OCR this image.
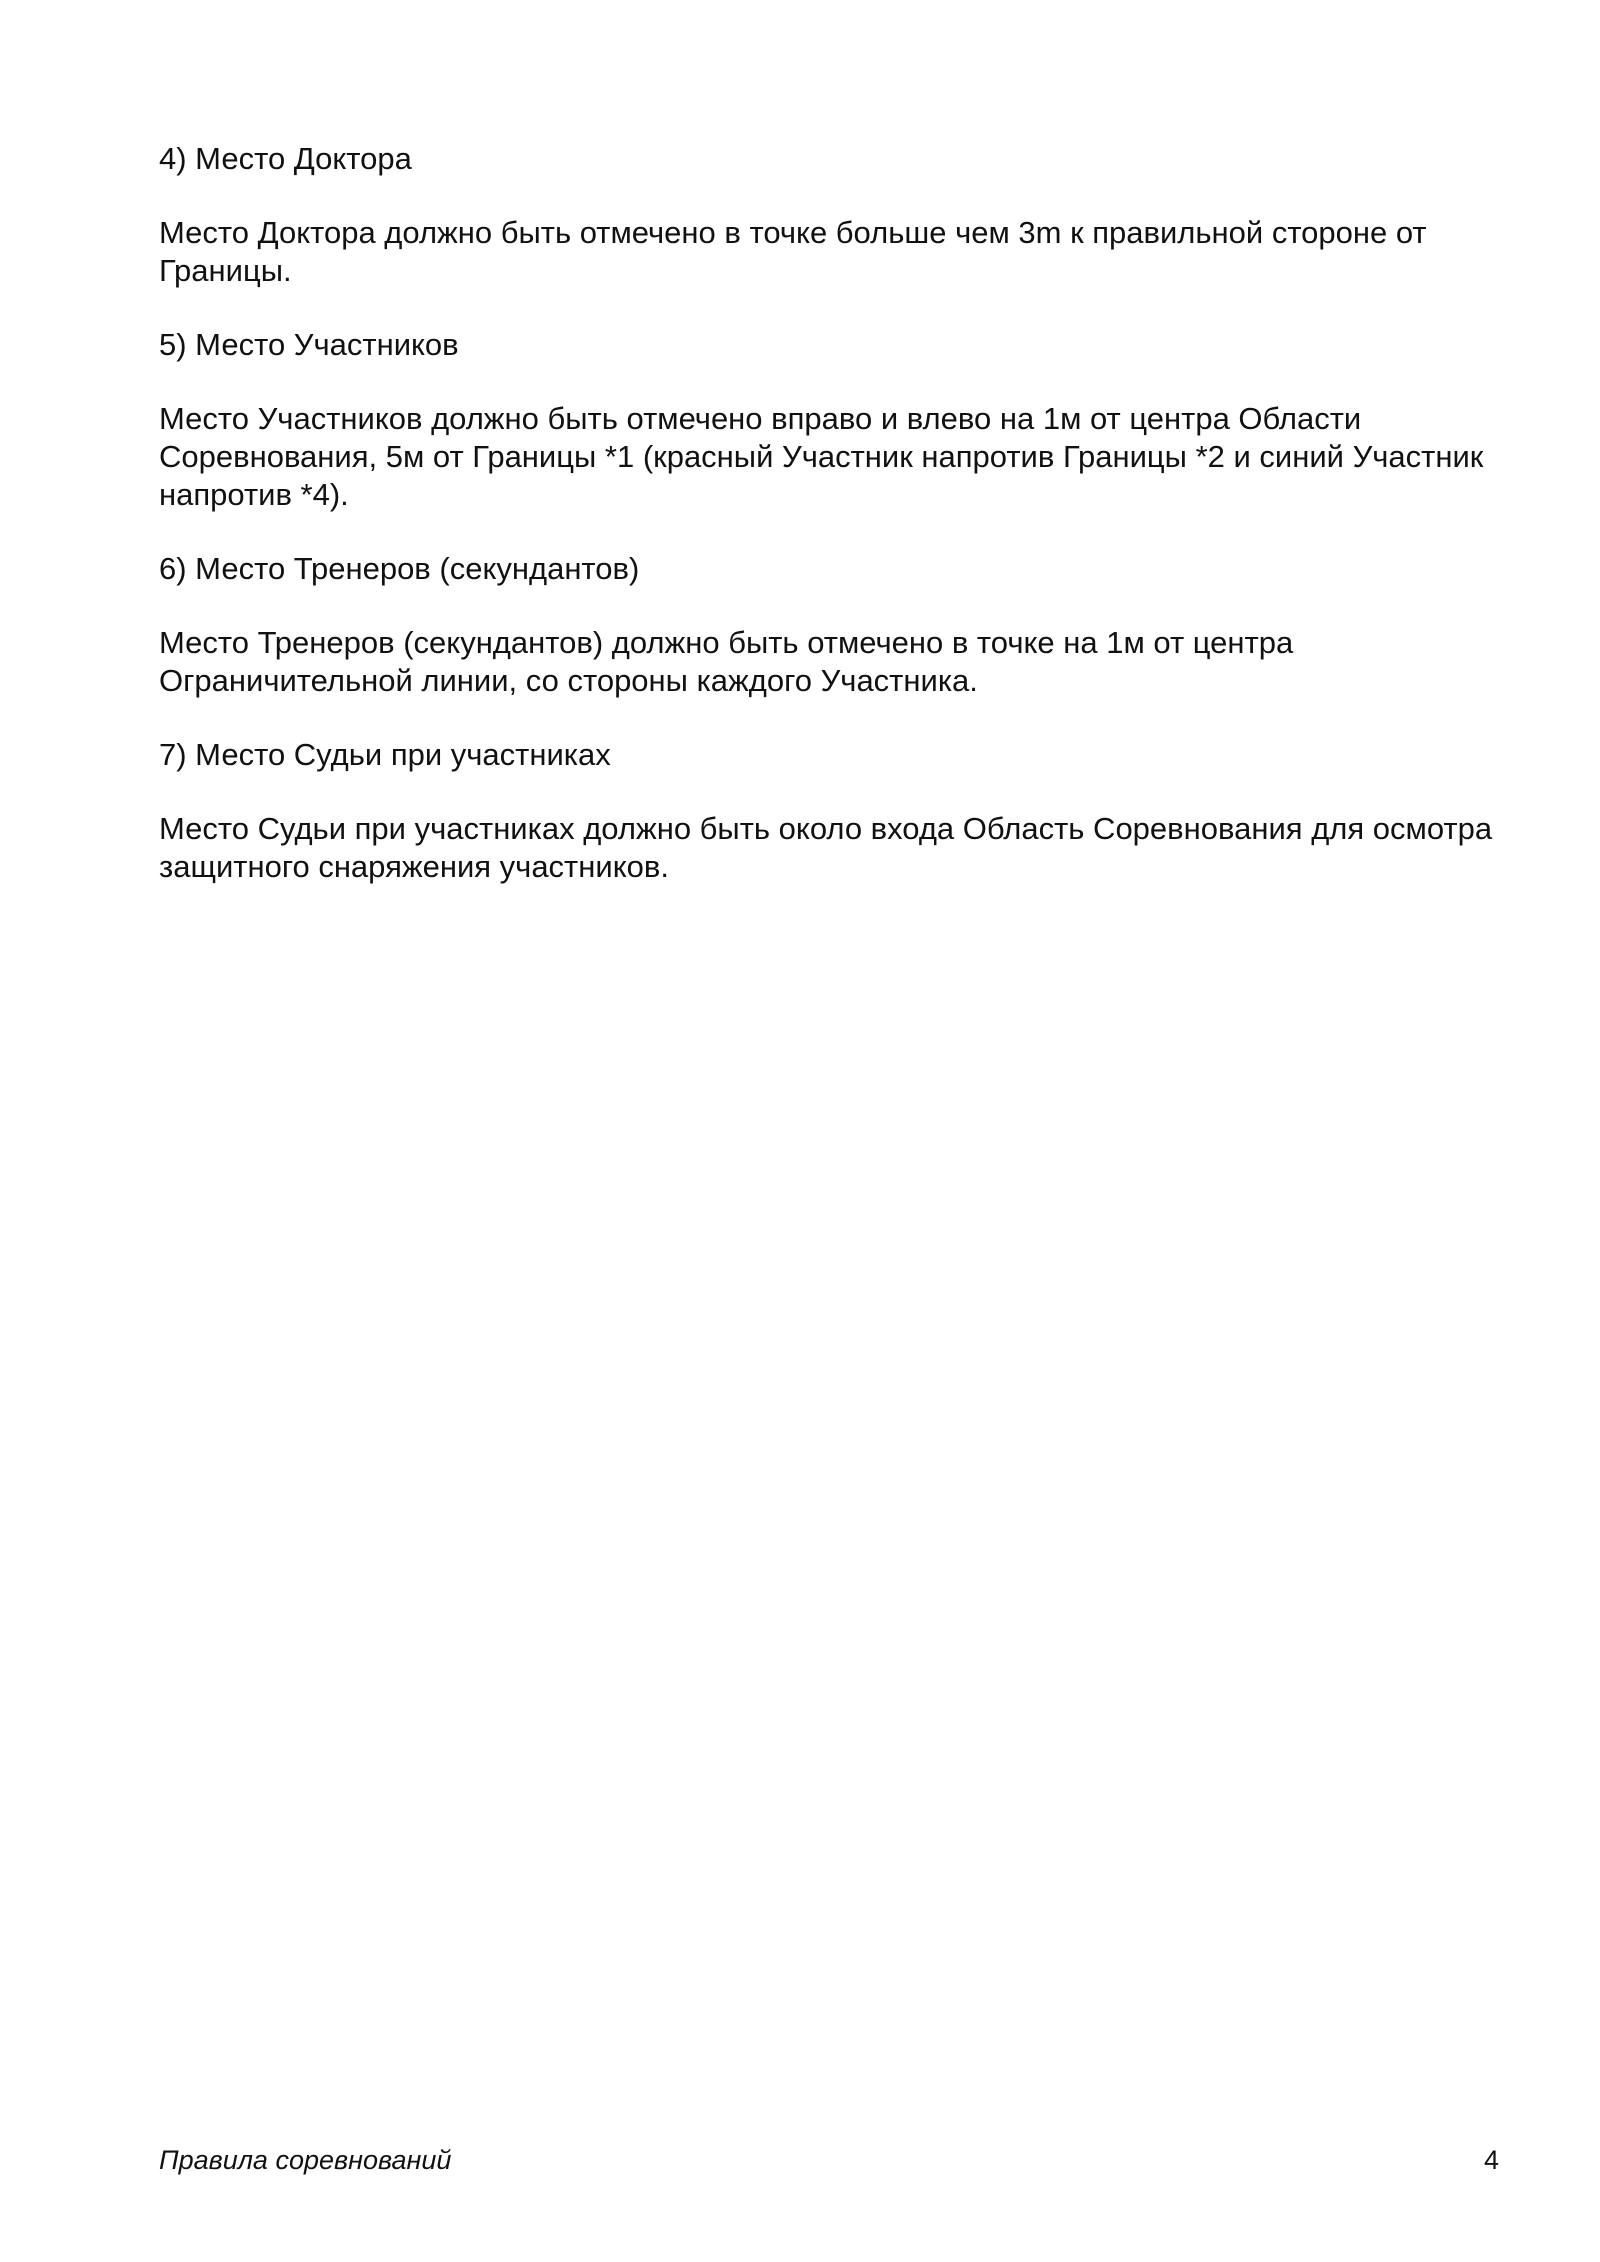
4) Место Доктора

Место Доктора должно быть отмечено в точке больше чем 3m к правильной стороне от Границы.

5) Место Участников

Место Участников должно быть отмечено вправо и влево на 1м от центра Области Соревнования, 5м от Границы *1 (красный Участник напротив Границы *2 и синий Участник напротив *4).

6) Место Тренеров (секундантов)

Место Тренеров (секундантов) должно быть отмечено в точке на 1м от центра Ограничительной линии, со стороны каждого Участника.

7) Место Судьи при участниках

Место Судьи при участниках должно быть около входа Область Соревнования для осмотра защитного снаряжения участников.

Правила соревнований	4
